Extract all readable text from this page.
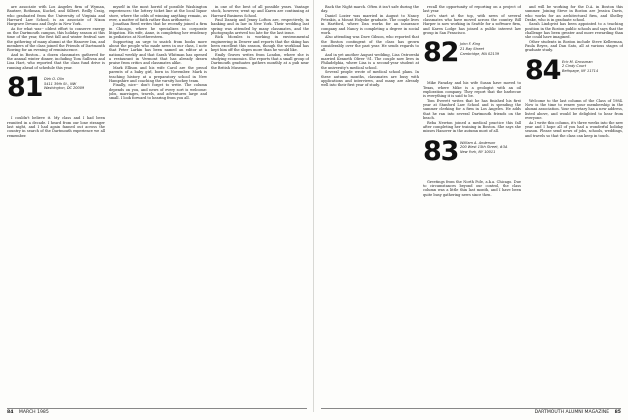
are associate with Los Angeles firm of Wyman, Bautzer, Rothman, Kuchel, and Silbert. Reilly Craig, who graduated from the University of Virginia and Harvard Law School, is an associate of Nixon Hargrave Devans and Doyle in New York.

As for what was-- oldest effort to conserve energy on the Dartmouth campus, this holiday season at this time of the year, the first fall and winter festival saw the gathering of many alumni at the Hanover Inn, and members of the class joined the Friends of Dartmouth Rowing for an evening of reminiscence.

And in Boston... a dozen classmates gathered for the annual winter dinner, including Tom Sullivan and Lisa Hart, who reported that the class fund drive is running ahead of schedule this year.

81 Dirk O. Olin
5411 39th St., NW
Washington, DC 20009

I couldn't believe it. My class and I had been reunited in a decade. I heard from our lone stranger last night, and I had again fanned out across the country in search of the Dartmouth experience we all remember.

myself in the most horrid of possible Washington experiences: the lottery ticket line at the local liquor store, where the odds of winning anything remain, as ever, a matter of faith rather than arithmetic.

Jonathan Reed writes that he recently joined a firm in Chicago, where he specializes in corporate litigation. His wife, Anne, is completing her residency in pediatrics at Northwestern.

Supporting an urge to snatch from books more about the people who made news in our class, I note that Peter Larkin has been named an editor at a national weekly and that Sarah Whitman has opened a restaurant in Vermont that has already drawn praise from critics and classmates alike.

Mark Ellison and his wife Carol are the proud parents of a baby girl, born in November. Mark is teaching history at a preparatory school in New Hampshire and coaching the varsity hockey team.

Finally, nice-- don't forget to write. The column depends on you, and news of every sort is welcome: jobs, marriages, travels, and adventures large and small. I look forward to hearing from you all.

in one of the best of all possible years. Vantage stock, however, went up and Karen are continuing at Harvard Business School.

Paul Danzig and Jenny Lofton are, respectively, in banking and in law in New York. Their wedding last spring was attended by many classmates, and the photographs arrived too late for the last issue.

Rick Morales is working in environmental engineering in Denver and reports that the skiing has been excellent this season, though the workload has kept him off the slopes more than he would like.

Emily Graves writes from London, where she is studying economics. She reports that a small group of Dartmouth graduates gathers monthly at a pub near the British Museum.

84 MARCH 1985

Back the Night march. Often it isn't safe during the day.

Daniel Lozier was married in August to Nancy Petrakis, a Mount Holyoke graduate. The couple lives in Hartford, where Dan works for an insurance company and Nancy is completing a degree in social work.

Also attending was Dave Gibson, who reported that the Boston contingent of the class has grown considerably over the past year. He sends regards to all.

And in yet another August wedding, Lisa Ostrowski married Kenneth Oliver '81. The couple now lives in Philadelphia, where Lisa is a second-year student at the university's medical school.

Several people wrote of medical school plans. In these autumn months, classmates are busy with applications and interviews, and many are already well into their first year of study.

recall the opportunity of reporting on a project of last year.

Let's start at the top, with news of several classmates who have moved across the country. Bill Harper is now working in Seattle for a software firm, and Karen Lodge has joined a public interest law group in San Francisco.

82 John F. King
21 Bay Street
Cambridge, MA 02139

Mike Faraday and his wife Susan have moved to Texas, where Mike is a geologist with an oil exploration company. They report that the barbecue is everything it is said to be.

Tom Everett writes that he has finished his first year at Stanford Law School and is spending the summer clerking for a firm in Los Angeles. He adds that he ran into several Dartmouth friends on the beach.

Reba Newton joined a medical practice this fall after completing her training in Boston. She says she misses Hanover in the autumn most of all.

83 William A. Anderson
200 West 15th Street, #3A
New York, NY 10011

Greetings from the North Pole, a.k.a. Chicago. Due to circumstances beyond our control, the class column was a little thin last month, and I have been quite busy gathering news since then.

and will be working for the D.A. in Boston this summer. Joining Steve in Boston are Jessica Davis, who works for an architectural firm, and Shelley Drake, who is in graduate school.

Sarah Lindqvist has been appointed to a teaching position in the Boston public schools and says that the challenge has been greater and more rewarding than she could have imagined.

Other students in Boston include Steve Kellerman, Paula Reyes, and Dan Sato, all at various stages of graduate study.

84 Eric M. Grossman
2 Cindy Court
Bethpage, NY 11714

Welcome to the last column of the Class of 1984. Now is the time to renew your membership in the alumni association. Your secretary has a new address, listed above, and would be delighted to hear from everyone.

As I write this column, it's three weeks into the new year and I hope all of you had a wonderful holiday season. Please send news of jobs, schools, weddings, and travels so that the class can keep in touch.

DARTMOUTH ALUMNI MAGAZINE 85
